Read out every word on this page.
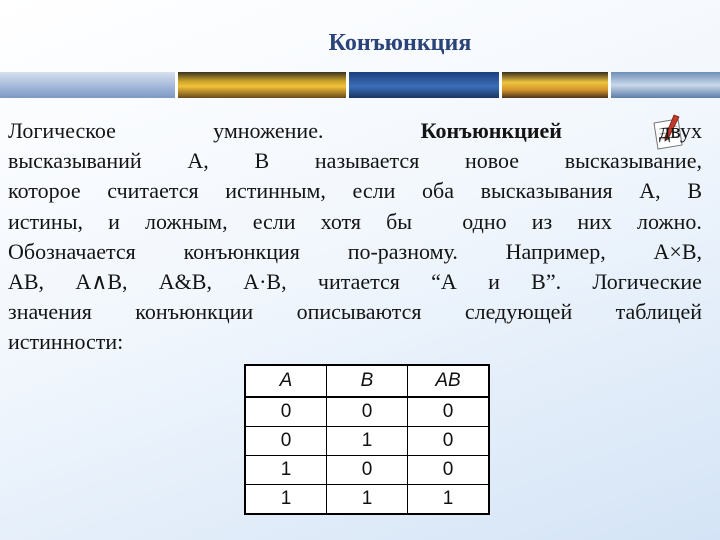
Конъюнкция
Логическое	умножение.	Конъюнкцией	двух
высказываний A, B называется новое высказывание,
которое считается истинным, если оба высказывания A, B
истины, и ложным, если хотя бы одно из них ложно.
Обозначается конъюнкция по-разному. Например, A×B,
AB, A∧B, A&B, A·B, читается “A и B”. Логические
значения конъюнкции описываются следующей таблицей
истинности:
A	B	AB
0	0	0
0	1	0
1	0	0
1	1	1
